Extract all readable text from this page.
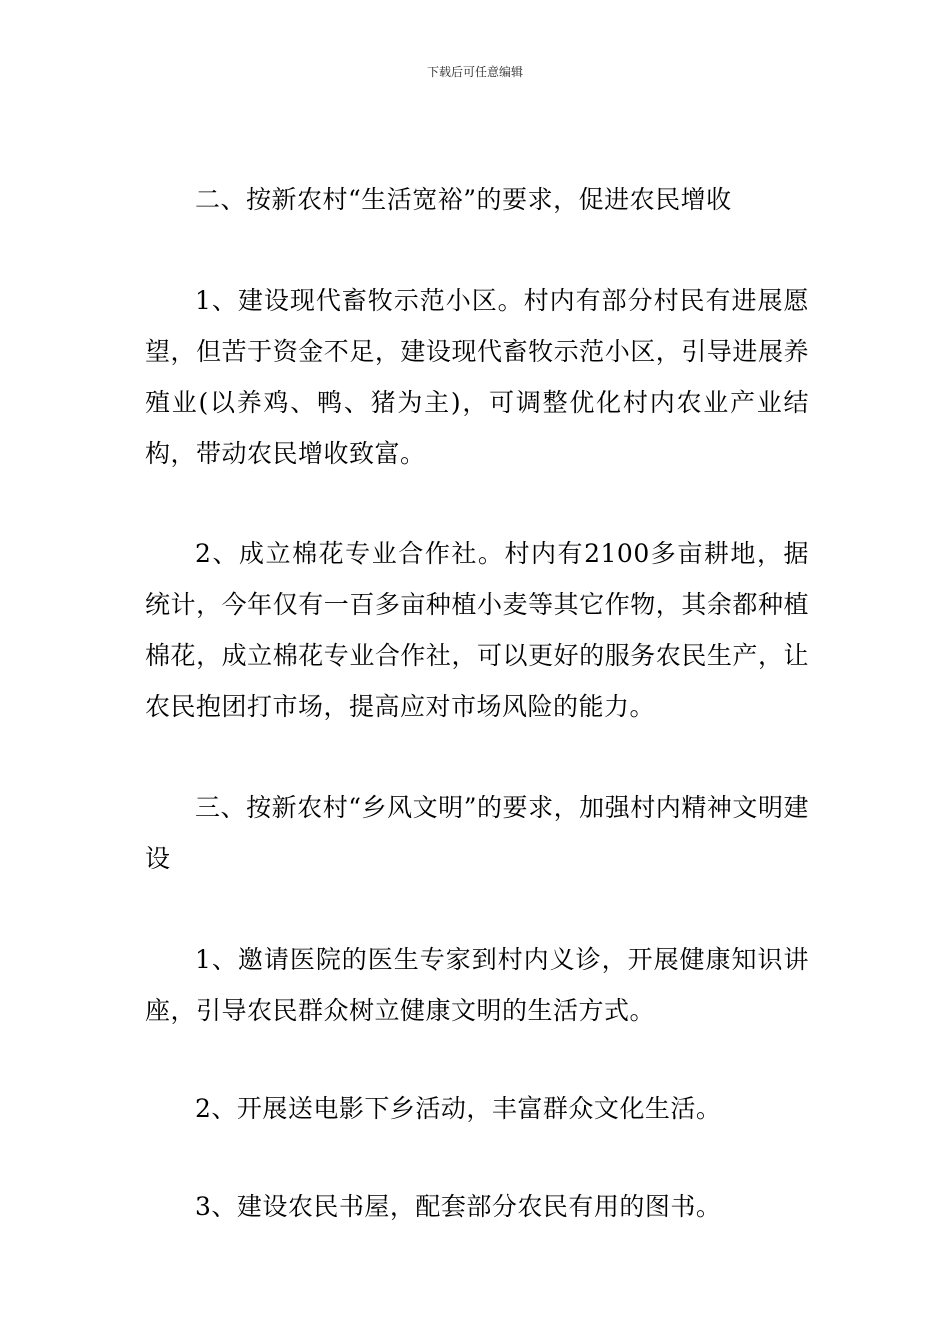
下载后可任意编辑

二、按新农村“生活宽裕”的要求，促进农民增收

1、建设现代畜牧示范小区。村内有部分村民有进展愿望，但苦于资金不足，建设现代畜牧示范小区，引导进展养殖业(以养鸡、鸭、猪为主)，可调整优化村内农业产业结构，带动农民增收致富。

2、成立棉花专业合作社。村内有2100多亩耕地，据统计，今年仅有一百多亩种植小麦等其它作物，其余都种植棉花，成立棉花专业合作社，可以更好的服务农民生产，让农民抱团打市场，提高应对市场风险的能力。

三、按新农村“乡风文明”的要求，加强村内精神文明建设

1、邀请医院的医生专家到村内义诊，开展健康知识讲座，引导农民群众树立健康文明的生活方式。

2、开展送电影下乡活动，丰富群众文化生活。

3、建设农民书屋，配套部分农民有用的图书。
